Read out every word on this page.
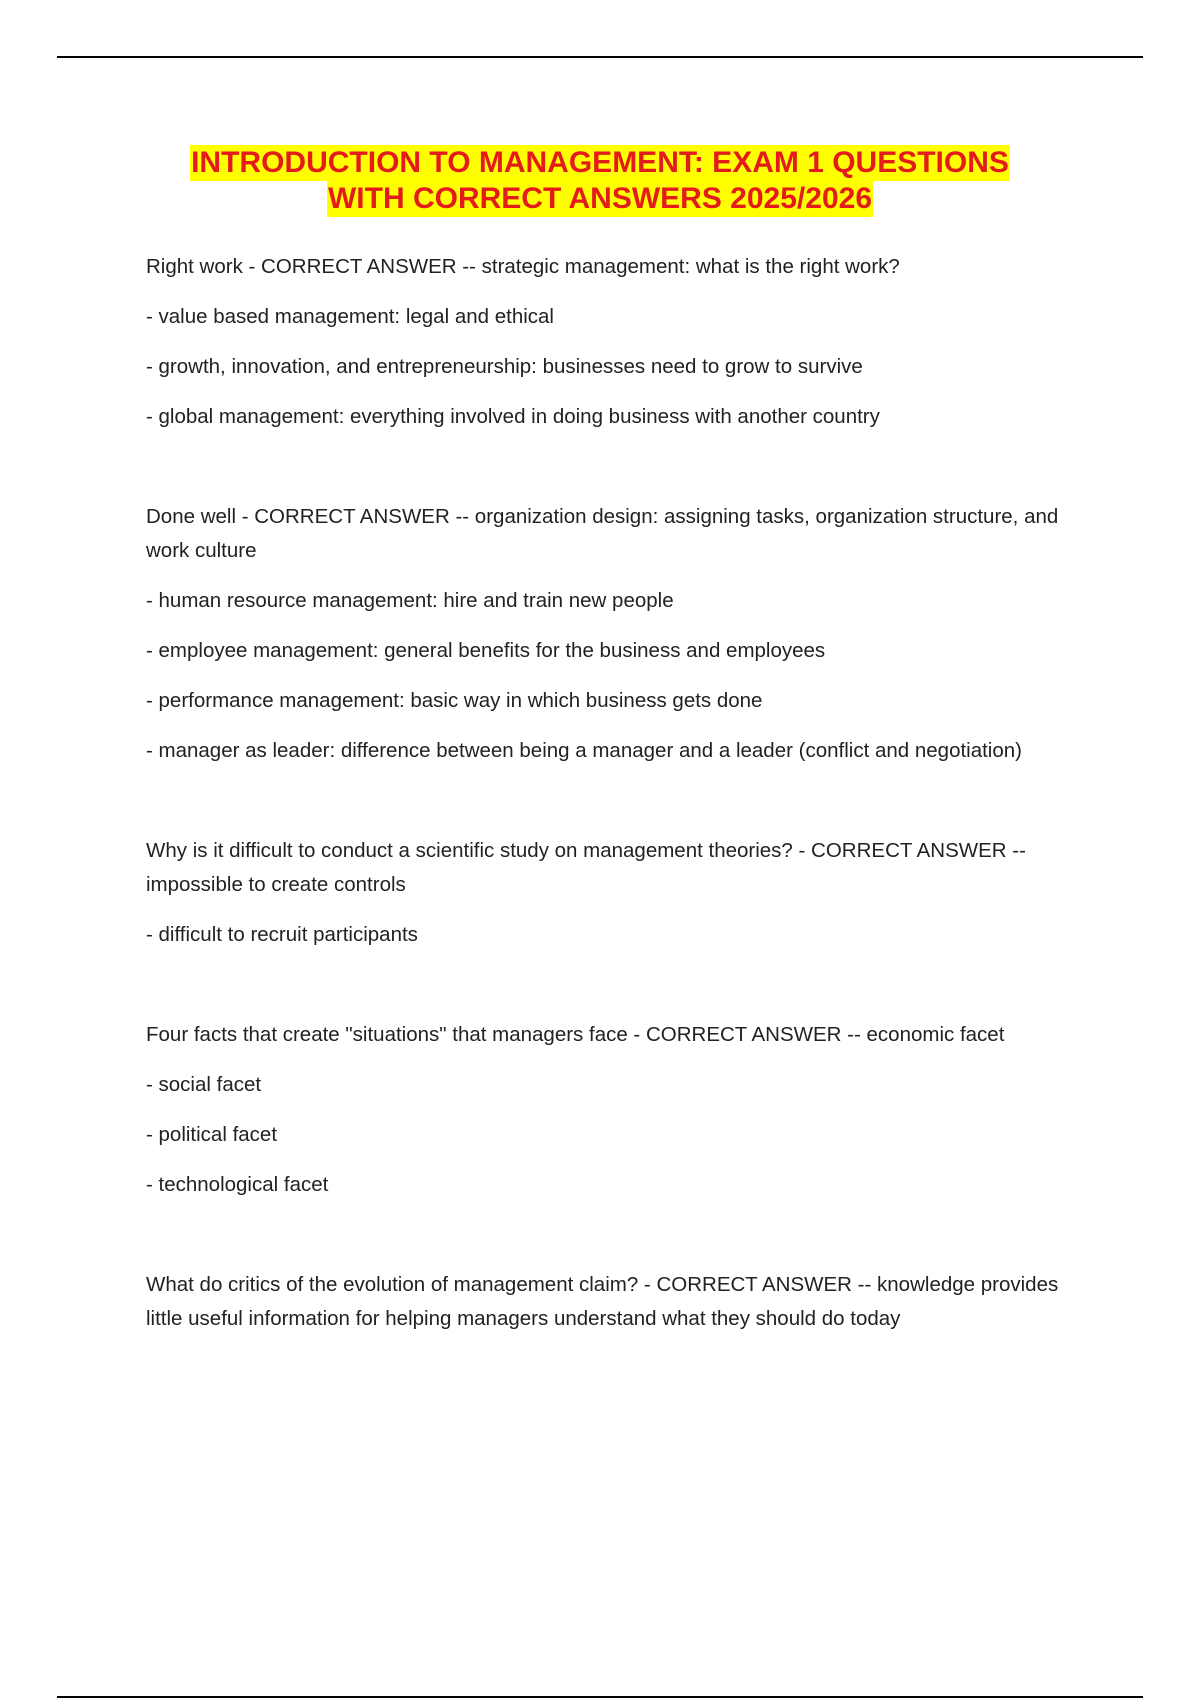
INTRODUCTION TO MANAGEMENT: EXAM 1 QUESTIONS
WITH CORRECT ANSWERS 2025/2026

Right work - CORRECT ANSWER -- strategic management: what is the right work?

- value based management: legal and ethical

- growth, innovation, and entrepreneurship: businesses need to grow to survive

- global management: everything involved in doing business with another country

Done well - CORRECT ANSWER -- organization design: assigning tasks, organization structure, and work culture

- human resource management: hire and train new people

- employee management: general benefits for the business and employees

- performance management: basic way in which business gets done

- manager as leader: difference between being a manager and a leader (conflict and negotiation)

Why is it difficult to conduct a scientific study on management theories? - CORRECT ANSWER -- impossible to create controls

- difficult to recruit participants

Four facts that create "situations" that managers face - CORRECT ANSWER -- economic facet

- social facet

- political facet

- technological facet

What do critics of the evolution of management claim? - CORRECT ANSWER -- knowledge provides little useful information for helping managers understand what they should do today
